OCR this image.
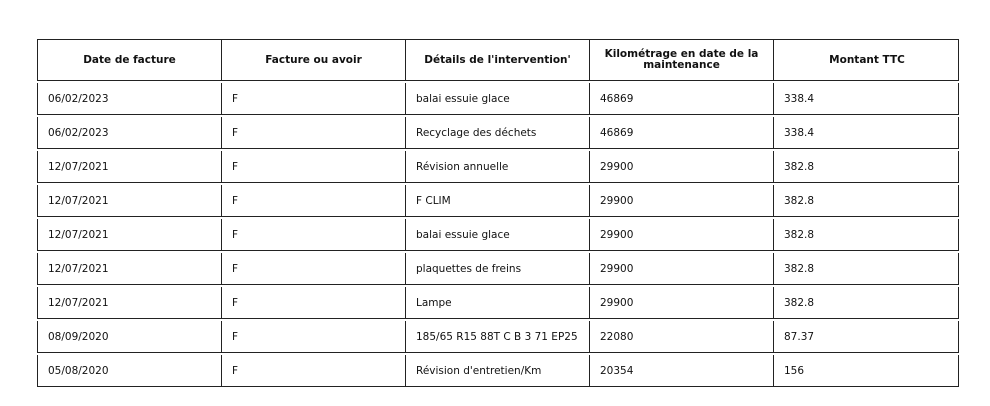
Date de facture	Facture ou avoir	Détails de l'intervention'	Kilométrage en date de la maintenance	Montant TTC
06/02/2023	F	balai essuie glace	46869	338.4
06/02/2023	F	Recyclage des déchets	46869	338.4
12/07/2021	F	Révision annuelle	29900	382.8
12/07/2021	F	F CLIM	29900	382.8
12/07/2021	F	balai essuie glace	29900	382.8
12/07/2021	F	plaquettes de freins	29900	382.8
12/07/2021	F	Lampe	29900	382.8
08/09/2020	F	185/65 R15 88T C B 3 71 EP25	22080	87.37
05/08/2020	F	Révision d'entretien/Km	20354	156
